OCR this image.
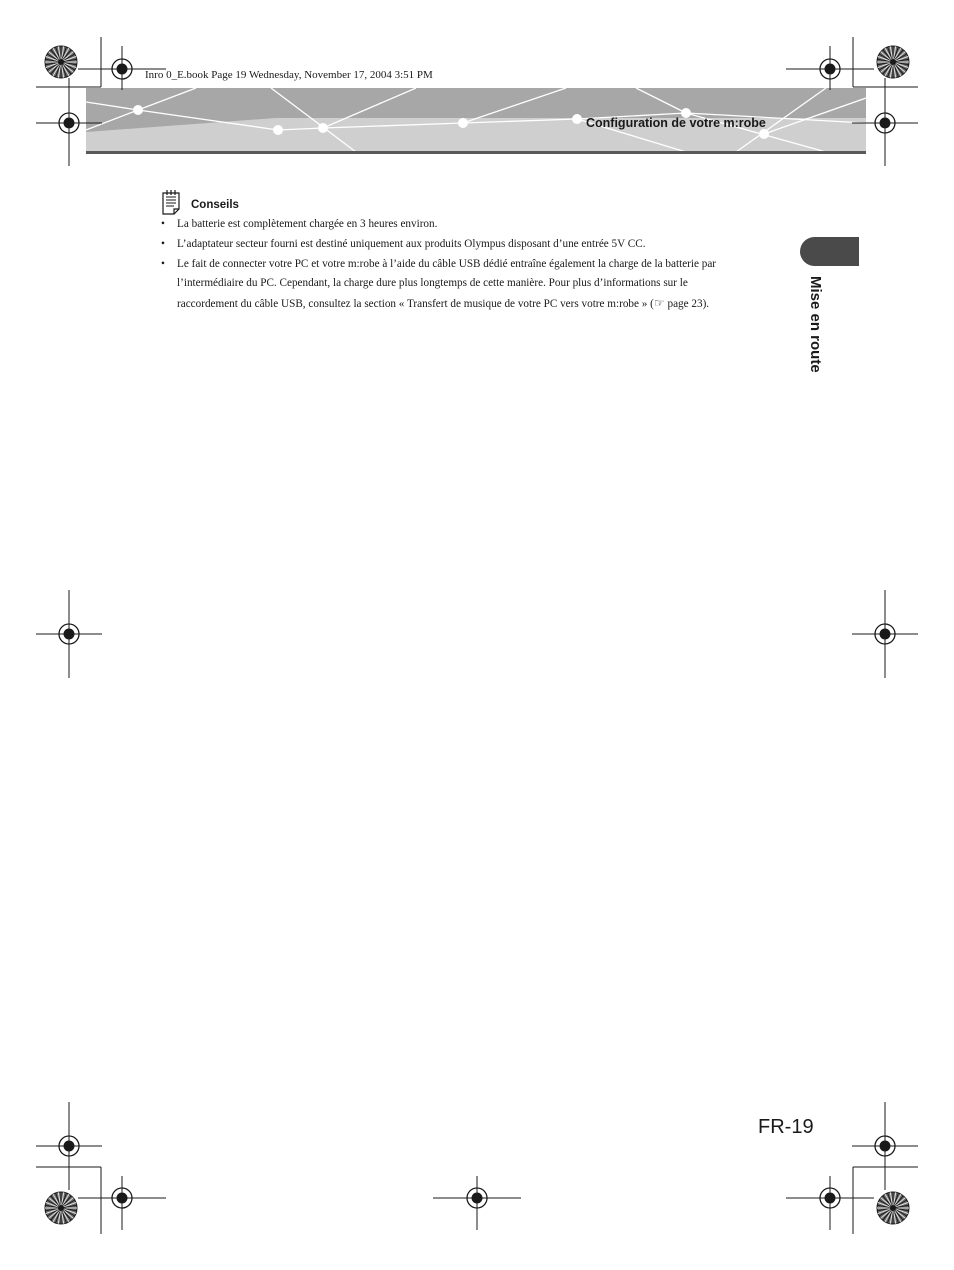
Inro 0_E.book Page 19 Wednesday, November 17, 2004 3:51 PM
Configuration de votre m:robe
Mise en route
Conseils
• La batterie est complètement chargée en 3 heures environ.
• L’adaptateur secteur fourni est destiné uniquement aux produits Olympus disposant d’une entrée 5V CC.
• Le fait de connecter votre PC et votre m:robe à l’aide du câble USB dédié entraîne également la charge de la batterie par
l’intermédiaire du PC. Cependant, la charge dure plus longtemps de cette manière. Pour plus d’informations sur le
raccordement du câble USB, consultez la section « Transfert de musique de votre PC vers votre m:robe » (☞ page 23).
FR-19
